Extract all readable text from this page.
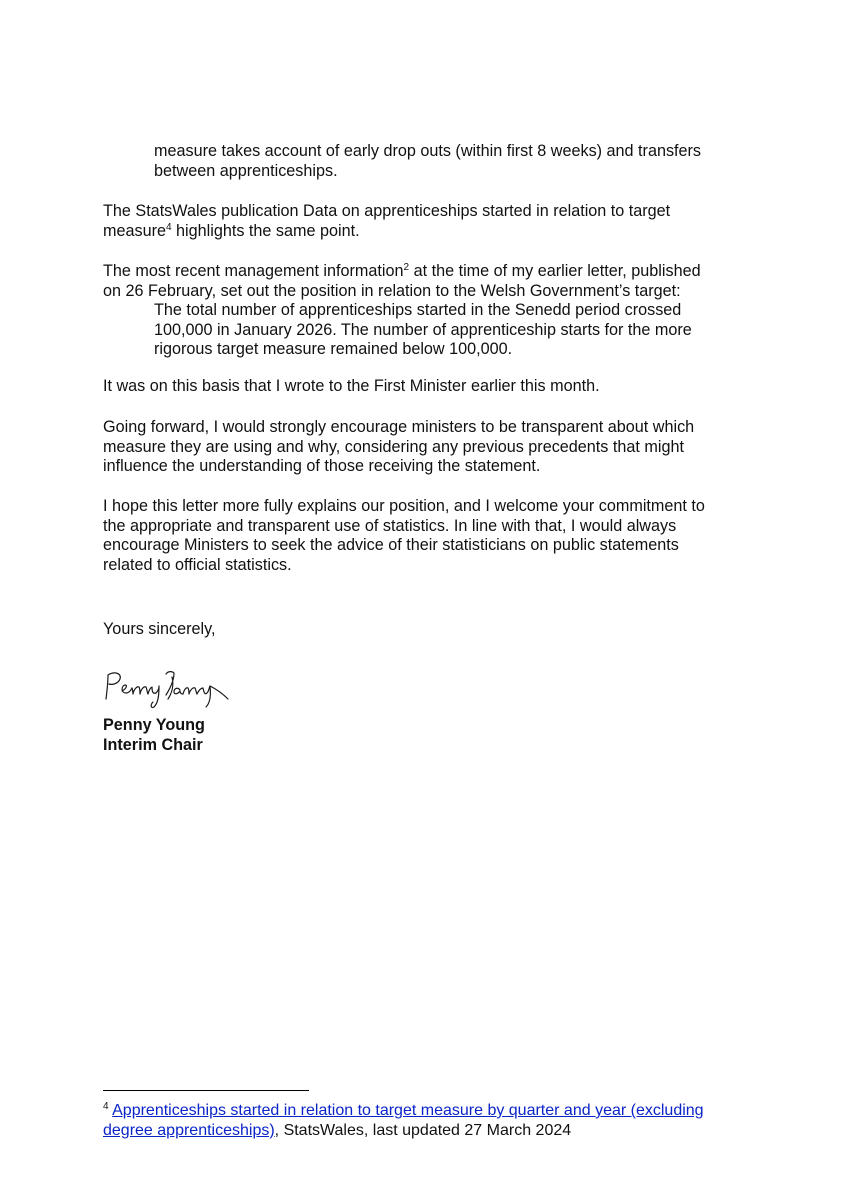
measure takes account of early drop outs (within first 8 weeks) and transfers
between apprenticeships.
The StatsWales publication Data on apprenticeships started in relation to target
measure$^4$ highlights the same point.
The most recent management information$^2$ at the time of my earlier letter, published
on 26 February, set out the position in relation to the Welsh Government’s target:
The total number of apprenticeships started in the Senedd period crossed
100,000 in January 2026. The number of apprenticeship starts for the more
rigorous target measure remained below 100,000.
It was on this basis that I wrote to the First Minister earlier this month.
Going forward, I would strongly encourage ministers to be transparent about which
measure they are using and why, considering any previous precedents that might
influence the understanding of those receiving the statement.
I hope this letter more fully explains our position, and I welcome your commitment to
the appropriate and transparent use of statistics. In line with that, I would always
encourage Ministers to seek the advice of their statisticians on public statements
related to official statistics.
Yours sincerely,
Penny Young
Interim Chair
$^4$ Apprenticeships started in relation to target measure by quarter and year (excluding
degree apprenticeships), StatsWales, last updated 27 March 2024
